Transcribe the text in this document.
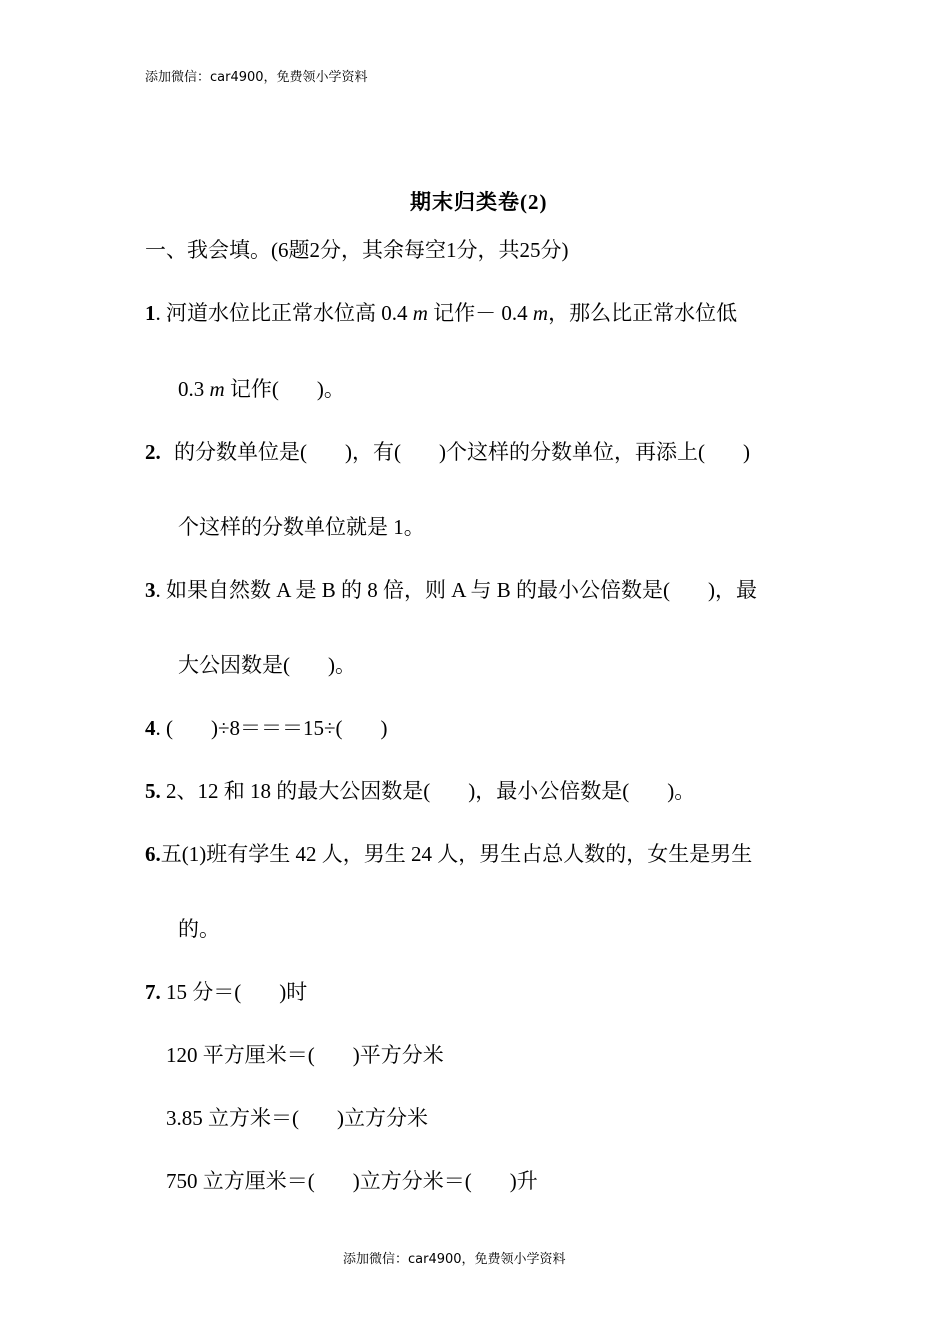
添加微信：car4900，免费领小学资料
期末归类卷(2)
一、我会填。(6题2分，其余每空1分，共25分)
1. 河道水位比正常水位高 0.4 m 记作－ 0.4 m，那么比正常水位低
0.3 m 记作( )。
2. 的分数单位是( )，有( )个这样的分数单位，再添上( )
个这样的分数单位就是 1。
3. 如果自然数 A 是 B 的 8 倍，则 A 与 B 的最小公倍数是( )，最
大公因数是( )。
4. ( )÷8＝＝＝15÷( )
5. 2、12 和 18 的最大公因数是( )，最小公倍数是( )。
6.五(1)班有学生 42 人，男生 24 人，男生占总人数的，女生是男生
的。
7. 15 分＝( )时
120 平方厘米＝( )平方分米
3.85 立方米＝( )立方分米
750 立方厘米＝( )立方分米＝( )升
添加微信：car4900，免费领小学资料
